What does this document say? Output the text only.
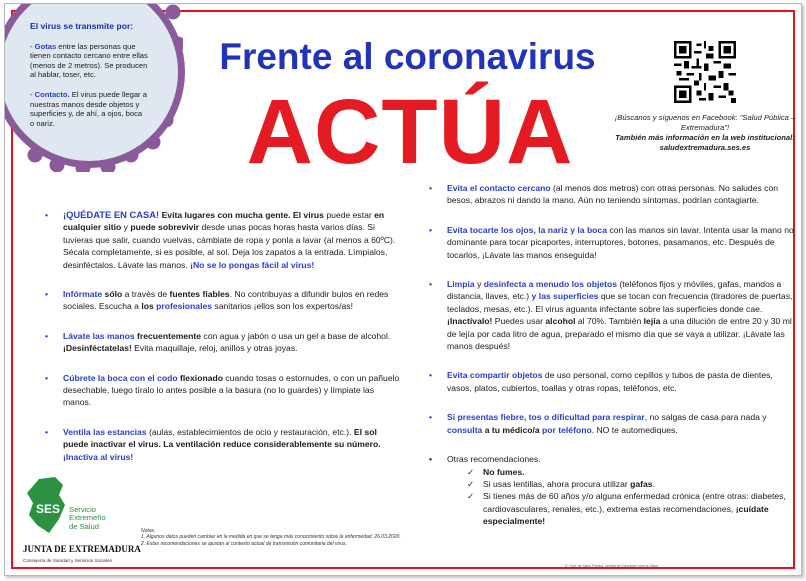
El virus se transmite por:

- Gotas entre las personas que tienen contacto cercano entre ellas (menos de 2 metros). Se producen al hablar, toser, etc.

- Contacto. El virus puede llegar a nuestras manos desde objetos y superficies y, de ahí, a ojos, boca o nariz.

Frente al coronavirus
ACTÚA	¡Búscanos y síguenos en Facebook: "Salud Pública – Extremadura"!
También más información en la web institucional: saludextremadura.ses.es
• ¡QUÉDATE EN CASA! Evita lugares con mucha gente. El virus puede estar en cualquier sitio y puede sobrevivir desde unas pocas horas hasta varios días. Si tuvieras que salir, cuando vuelvas, cámbiate de ropa y ponla a lavar (al menos a 60ºC). Sécala completamente, si es posible, al sol. Deja los zapatos a la entrada. Límpialos, desinféctalos. Lávate las manos. ¡No se lo pongas fácil al virus!
• Infórmate sólo a través de fuentes fiables. No contribuyas a difundir bulos en redes sociales. Escucha a los profesionales sanitarios ¡ellos son los expertos/as!
• Lávate las manos frecuentemente con agua y jabón o usa un gel a base de alcohol. ¡Desinféctatelas! Evita maquillaje, reloj, anillos y otras joyas.
• Cúbrete la boca con el codo flexionado cuando tosas o estornudes, o con un pañuelo desechable, luego tíralo lo antes posible a la basura (no lo guardes) y límpiate las manos.
• Ventila las estancias (aulas, establecimientos de ocio y restauración, etc.). El sol puede inactivar el virus. La ventilación reduce considerablemente su número. ¡Inactiva al virus!
• Evita el contacto cercano (al menos dos metros) con otras personas. No saludes con besos, abrazos ni dando la mano. Aún no teniendo síntomas, podrían contagiarte.
• Evita tocarte los ojos, la nariz y la boca con las manos sin lavar. Intenta usar la mano no dominante para tocar picaportes, interruptores, botones, pasamanos, etc. Después de tocarlos, ¡Lávate las manos enseguida!
• Limpia y desinfecta a menudo los objetos (teléfonos fijos y móviles, gafas, mandos a distancia, llaves, etc.) y las superficies que se tocan con frecuencia (tiradores de puertas, teclados, mesas, etc.). El virus aguanta infectante sobre las superficies donde cae. ¡Inactívalo! Puedes usar alcohol al 70%. También lejía a una dilución de entre 20 y 30 ml de lejía por cada litro de agua, preparado el mismo día que se vaya a utilizar. ¡Lávate las manos después!
• Evita compartir objetos de uso personal, como cepillos y tubos de pasta de dientes, vasos, platos, cubiertos, toallas y otras ropas, teléfonos, etc.
• Si presentas fiebre, tos o dificultad para respirar, no salgas de casa para nada y consulta a tu médico/a por teléfono. NO te automediques.
• Otras recomendaciones.
✓ No fumes.
✓ Si usas lentillas, ahora procura utilizar gafas.
✓ Si tienes más de 60 años y/o alguna enfermedad crónica (entre otras: diabetes, cardiovasculares, renales, etc.), extrema estas recomendaciones, ¡cuídate especialmente!
SES Servicio
Extremeño
de Salud
JUNTA DE EXTREMADURA
Consejería de Sanidad y Servicios Sociales
Notas.
1. Algunos datos pueden cambiar en la medida en que se tenga más conocimiento sobre la enfermedad. 26.03.2020.
2. Estas recomendaciones se ajustan al contexto actual de transmisión comunitaria del virus.
D. Gral. de Salud Pública. Unidad de Educación para la Salud
